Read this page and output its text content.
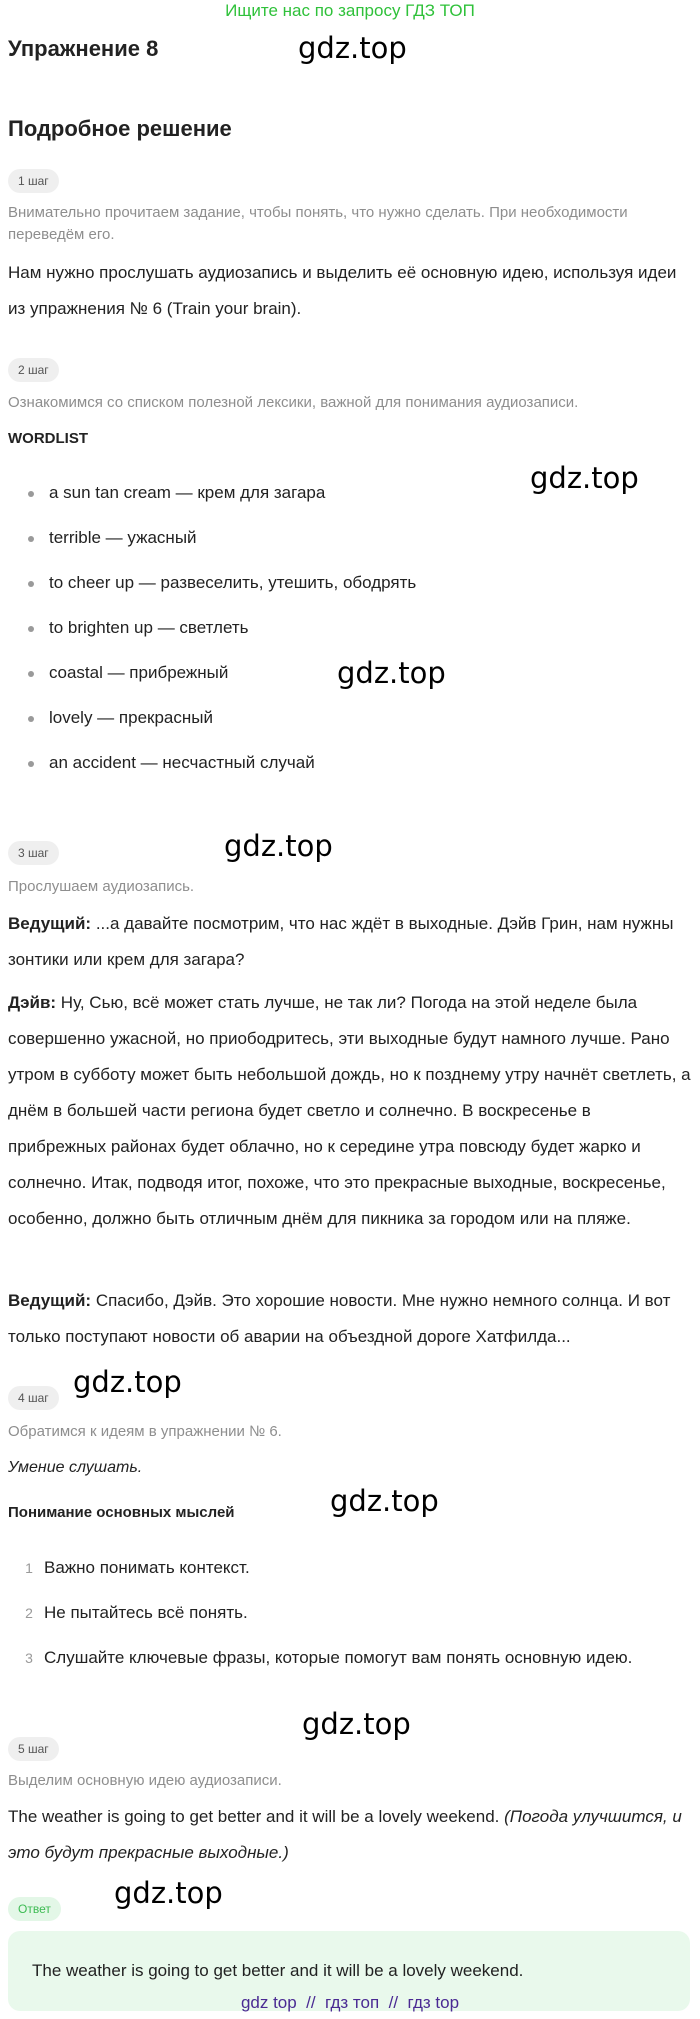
Ищите нас по запросу ГДЗ ТОП
Упражнение 8	gdz.top
Подробное решение
1 шаг
Внимательно прочитаем задание, чтобы понять, что нужно сделать. При необходимости переведём его.
Нам нужно прослушать аудиозапись и выделить её основную идею, используя идеи из упражнения № 6 (Train your brain).
2 шаг
Ознакомимся со списком полезной лексики, важной для понимания аудиозаписи.
WORDLIST
gdz.top
a sun tan cream — крем для загара
terrible — ужасный
to cheer up — развеселить, утешить, ободрять
to brighten up — светлеть
coastal — прибрежный	gdz.top
lovely — прекрасный
an accident — несчастный случай
3 шаг	gdz.top
Прослушаем аудиозапись.
Ведущий: ...а давайте посмотрим, что нас ждёт в выходные. Дэйв Грин, нам нужны зонтики или крем для загара?
Дэйв: Ну, Сью, всё может стать лучше, не так ли? Погода на этой неделе была совершенно ужасной, но приободритесь, эти выходные будут намного лучше. Рано утром в субботу может быть небольшой дождь, но к позднему утру начнёт светлеть, а днём в большей части региона будет светло и солнечно. В воскресенье в прибрежных районах будет облачно, но к середине утра повсюду будет жарко и солнечно. Итак, подводя итог, похоже, что это прекрасные выходные, воскресенье, особенно, должно быть отличным днём для пикника за городом или на пляже.
Ведущий: Спасибо, Дэйв. Это хорошие новости. Мне нужно немного солнца. И вот только поступают новости об аварии на объездной дороге Хатфилда...
4 шаг gdz.top
Обратимся к идеям в упражнении № 6.
Умение слушать.
Понимание основных мыслей	gdz.top
1 Важно понимать контекст.
2 Не пытайтесь всё понять.
3 Слушайте ключевые фразы, которые помогут вам понять основную идею.
gdz.top
5 шаг
Выделим основную идею аудиозаписи.
The weather is going to get better and it will be a lovely weekend. (Погода улучшится, и это будут прекрасные выходные.)
Ответ	gdz.top
The weather is going to get better and it will be a lovely weekend.
gdz top  //  гдз топ  //  гдз top
